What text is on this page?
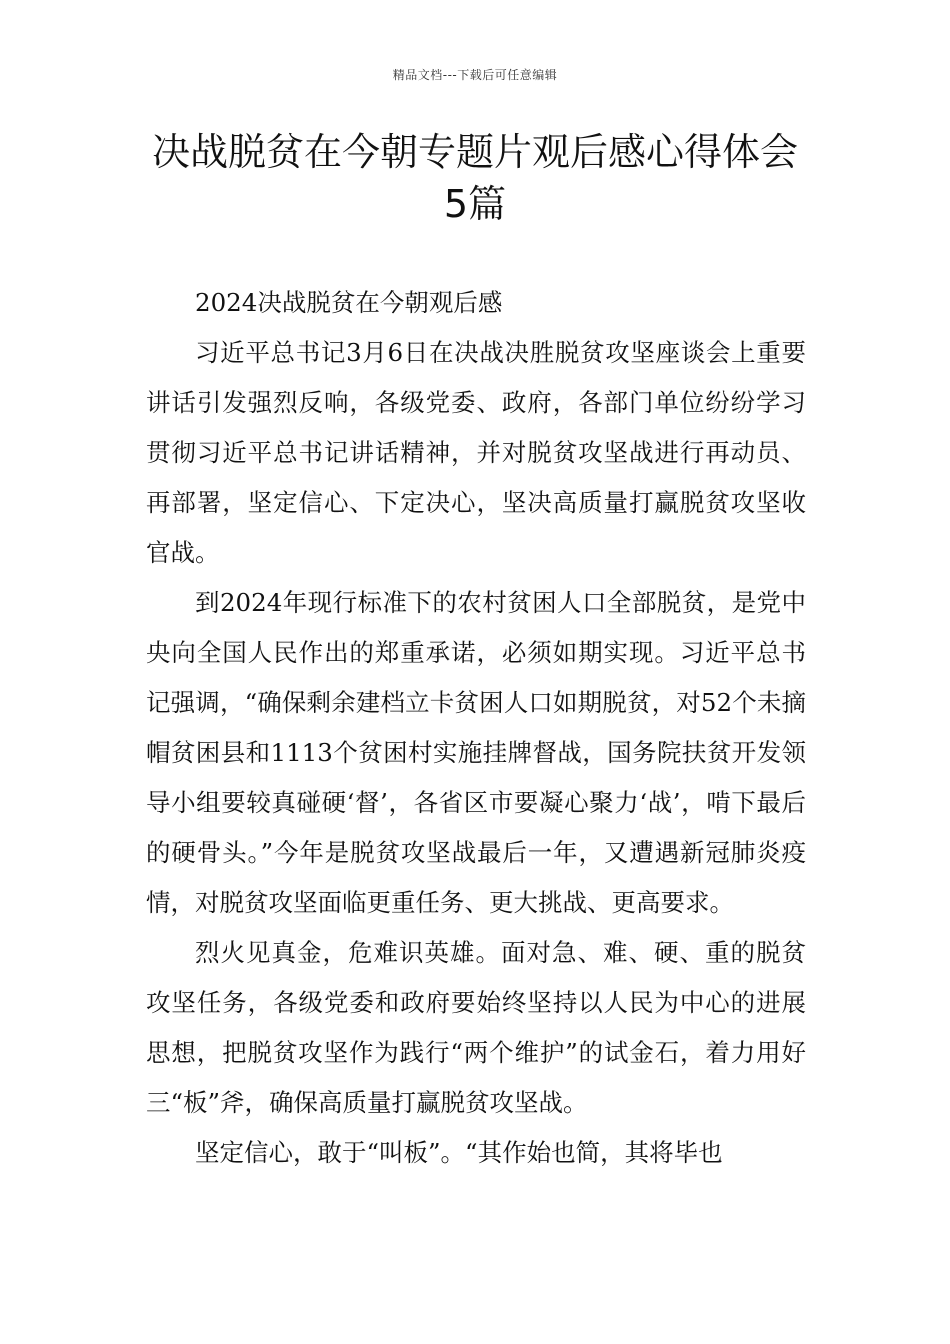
精品文档---下载后可任意编辑
决战脱贫在今朝专题片观后感心得体会
5篇

2024决战脱贫在今朝观后感

习近平总书记3月6日在决战决胜脱贫攻坚座谈会上重要讲话引发强烈反响，各级党委、政府，各部门单位纷纷学习贯彻习近平总书记讲话精神，并对脱贫攻坚战进行再动员、再部署，坚定信心、下定决心，坚决高质量打赢脱贫攻坚收官战。

到2024年现行标准下的农村贫困人口全部脱贫，是党中央向全国人民作出的郑重承诺，必须如期实现。习近平总书记强调，“确保剩余建档立卡贫困人口如期脱贫，对52个未摘帽贫困县和1113个贫困村实施挂牌督战，国务院扶贫开发领导小组要较真碰硬‘督’，各省区市要凝心聚力‘战’，啃下最后的硬骨头。”今年是脱贫攻坚战最后一年，又遭遇新冠肺炎疫情，对脱贫攻坚面临更重任务、更大挑战、更高要求。

烈火见真金，危难识英雄。面对急、难、硬、重的脱贫攻坚任务，各级党委和政府要始终坚持以人民为中心的进展思想，把脱贫攻坚作为践行“两个维护”的试金石，着力用好三“板”斧，确保高质量打赢脱贫攻坚战。

坚定信心，敢于“叫板”。“其作始也简，其将毕也
